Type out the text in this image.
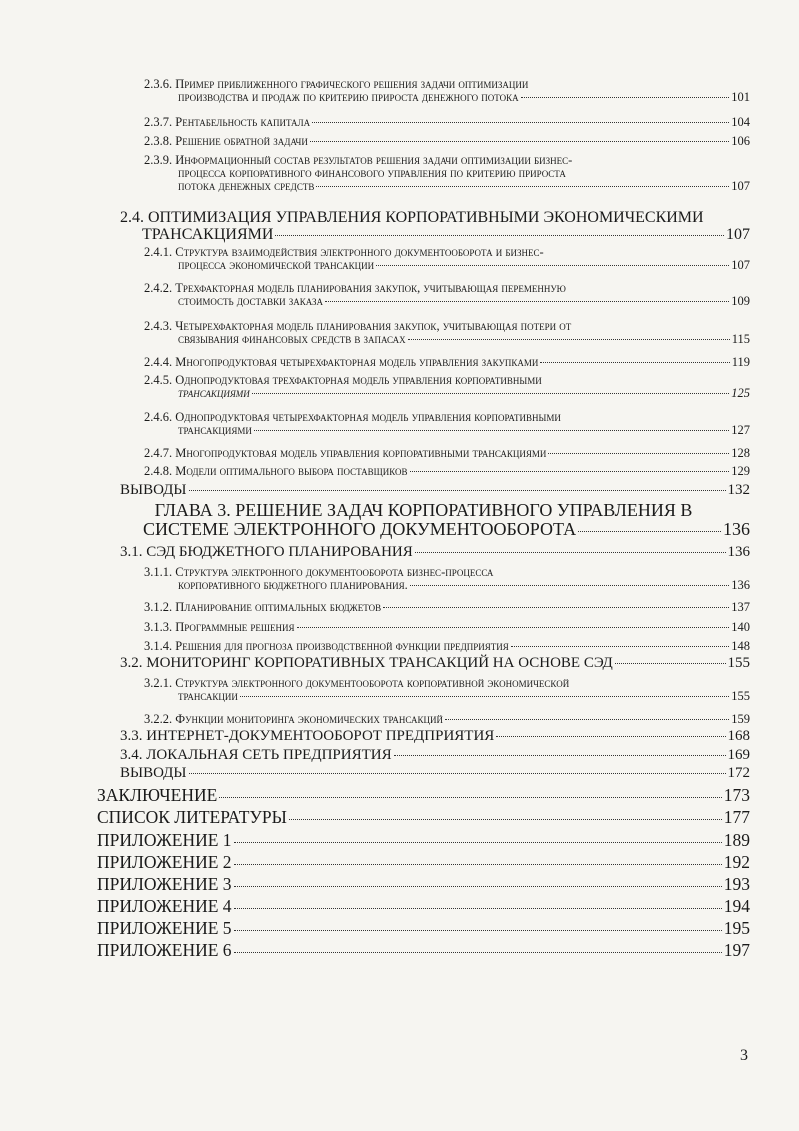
2.3.6. Пример приближенного графического решения задачи оптимизации
производства и продаж по критерию прироста денежного потока	101
2.3.7. Рентабельность капитала	104
2.3.8. Решение обратной задачи	106
2.3.9. Информационный состав результатов решения задачи оптимизации бизнес-
процесса корпоративного финансового управления по критерию прироста
потока денежных средств	107
2.4. ОПТИМИЗАЦИЯ УПРАВЛЕНИЯ КОРПОРАТИВНЫМИ ЭКОНОМИЧЕСКИМИ
ТРАНСАКЦИЯМИ	107
2.4.1. Структура взаимодействия электронного документооборота и бизнес-
процесса экономической трансакции	107
2.4.2. Трехфакторная модель планирования закупок, учитывающая переменную
стоимость доставки заказа	109
2.4.3. Четырехфакторная модель планирования закупок, учитывающая потери от
связывания финансовых средств в запасах	115
2.4.4. Многопродуктовая четырехфакторная модель управления закупками	119
2.4.5. Однопродуктовая трехфакторная модель управления корпоративными
трансакциями	125
2.4.6. Однопродуктовая четырехфакторная модель управления корпоративными
трансакциями	127
2.4.7. Многопродуктовая модель управления корпоративными трансакциями	128
2.4.8. Модели оптимального выбора поставщиков	129
ВЫВОДЫ	132
ГЛАВА 3. РЕШЕНИЕ ЗАДАЧ КОРПОРАТИВНОГО УПРАВЛЕНИЯ В
СИСТЕМЕ ЭЛЕКТРОННОГО ДОКУМЕНТООБОРОТА	136
3.1. СЭД БЮДЖЕТНОГО ПЛАНИРОВАНИЯ	136
3.1.1. Структура электронного документооборота бизнес-процесса
корпоративного бюджетного планирования.	136
3.1.2. Планирование оптимальных бюджетов	137
3.1.3. Программные решения	140
3.1.4. Решения для прогноза производственной функции предприятия	148
3.2. МОНИТОРИНГ КОРПОРАТИВНЫХ ТРАНСАКЦИЙ НА ОСНОВЕ СЭД	155
3.2.1. Структура электронного документооборота корпоративной экономической
трансакции	155
3.2.2. Функции мониторинга экономических трансакций	159
3.3. ИНТЕРНЕТ-ДОКУМЕНТООБОРОТ ПРЕДПРИЯТИЯ	168
3.4. ЛОКАЛЬНАЯ СЕТЬ ПРЕДПРИЯТИЯ	169
ВЫВОДЫ	172
ЗАКЛЮЧЕНИЕ	173
СПИСОК ЛИТЕРАТУРЫ	177
ПРИЛОЖЕНИЕ 1	189
ПРИЛОЖЕНИЕ 2	192
ПРИЛОЖЕНИЕ 3	193
ПРИЛОЖЕНИЕ 4	194
ПРИЛОЖЕНИЕ 5	195
ПРИЛОЖЕНИЕ 6	197
3
